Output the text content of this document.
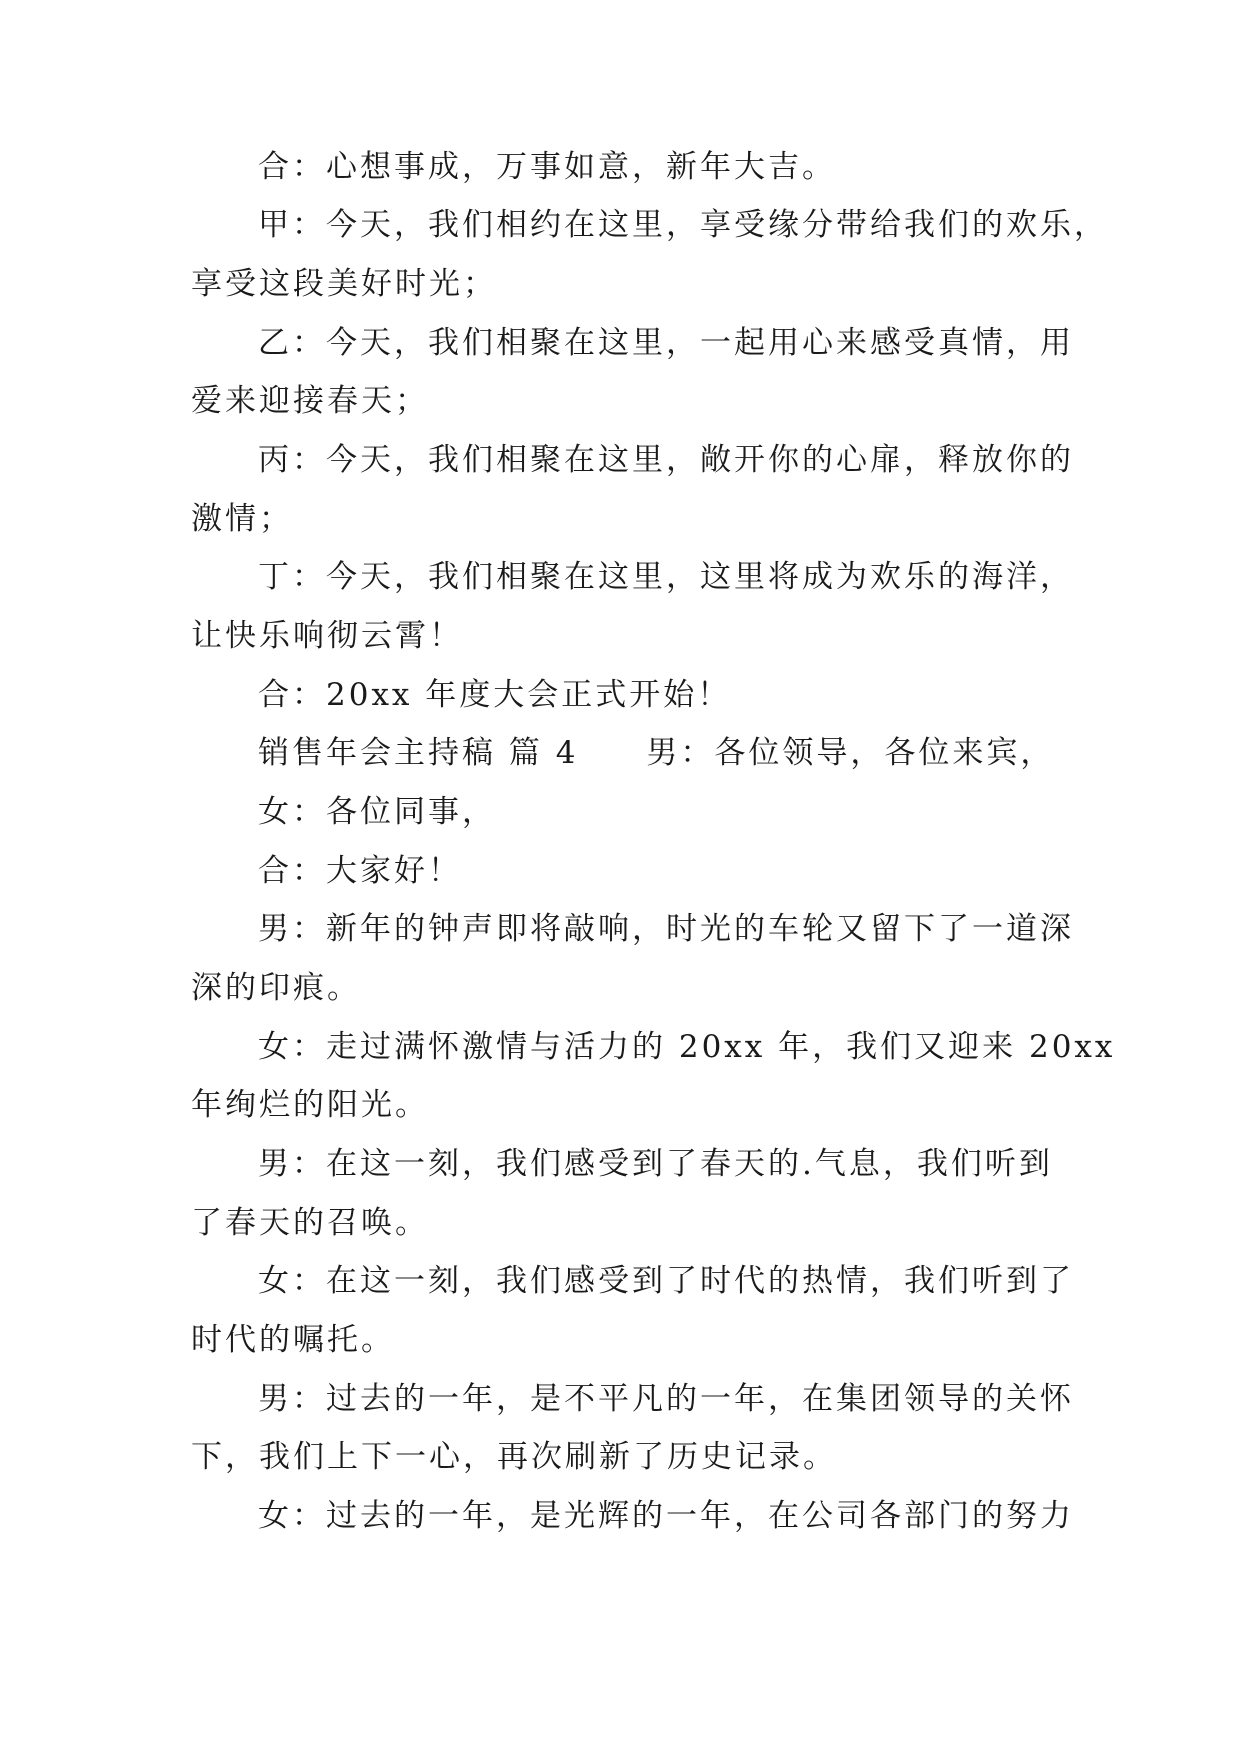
合：心想事成，万事如意，新年大吉。
甲：今天，我们相约在这里，享受缘分带给我们的欢乐，
享受这段美好时光；
乙：今天，我们相聚在这里，一起用心来感受真情，用
爱来迎接春天；
丙：今天，我们相聚在这里，敞开你的心扉，释放你的
激情；
丁：今天，我们相聚在这里，这里将成为欢乐的海洋，
让快乐响彻云霄！
合：20xx 年度大会正式开始！
销售年会主持稿 篇 4　　男：各位领导，各位来宾，
女：各位同事，
合：大家好！
男：新年的钟声即将敲响，时光的车轮又留下了一道深
深的印痕。
女：走过满怀激情与活力的 20xx 年，我们又迎来 20xx
年绚烂的阳光。
男：在这一刻，我们感受到了春天的.气息，我们听到
了春天的召唤。
女：在这一刻，我们感受到了时代的热情，我们听到了
时代的嘱托。
男：过去的一年，是不平凡的一年，在集团领导的关怀
下，我们上下一心，再次刷新了历史记录。
女：过去的一年，是光辉的一年，在公司各部门的努力
